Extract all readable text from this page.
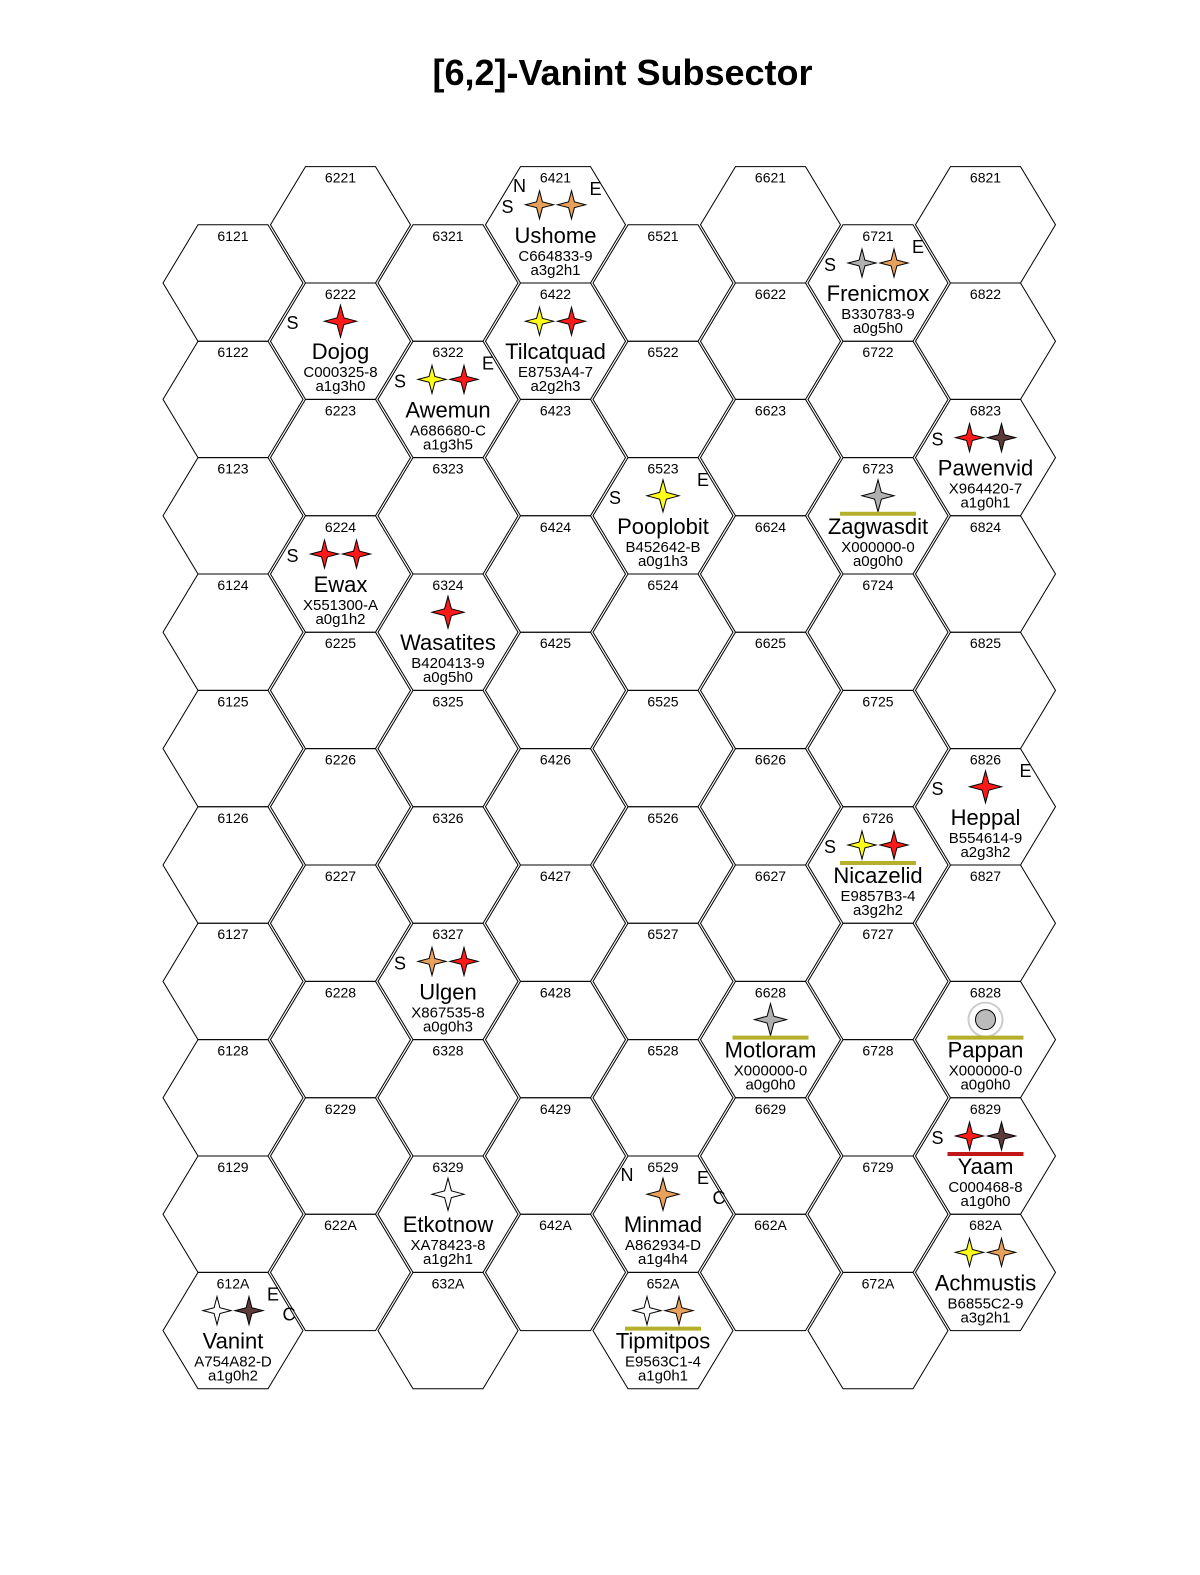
[6,2]-Vanint Subsector
6121
6122
6123
6124
6125
6126
6127
6128
6129
612A
6221
6222
6223
6224
6225
6226
6227
6228
6229
622A
6321
6322
6323
6324
6325
6326
6327
6328
6329
632A
6421
6422
6423
6424
6425
6426
6427
6428
6429
642A
6521
6522
6523
6524
6525
6526
6527
6528
6529
652A
6621
6622
6623
6624
6625
6626
6627
6628
6629
662A
6721
6722
6723
6724
6725
6726
6727
6728
6729
672A
6821
6822
6823
6824
6825
6826
6827
6828
6829
682A
S
Dojog
C000325-8
a1g3h0
S
Ewax
X551300-A
a0g1h2
S
E
Awemun
A686680-C
a1g3h5
Wasatites
B420413-9
a0g5h0
S
Ulgen
X867535-8
a0g0h3
Etkotnow
XA78423-8
a1g2h1
N
S
E
Ushome
C664833-9
a3g2h1
Tilcatquad
E8753A4-7
a2g2h3
S
E
Pooplobit
B452642-B
a0g1h3
N	E
C
Minmad
A862934-D
a1g4h4
Tipmitpos
E9563C1-4
a1g0h1
Motloram
X000000-0
a0g0h0
S
E
Frenicmox
B330783-9
a0g5h0
Zagwasdit
X000000-0
a0g0h0
S
Nicazelid
E9857B3-4
a3g2h2
S
Pawenvid
X964420-7
a1g0h1
S
E
Heppal
B554614-9
a2g3h2
Pappan
X000000-0
a0g0h0
S
Yaam
C000468-8
a1g0h0
Achmustis
B6855C2-9
a3g2h1
E
C
Vanint
A754A82-D
a1g0h2
